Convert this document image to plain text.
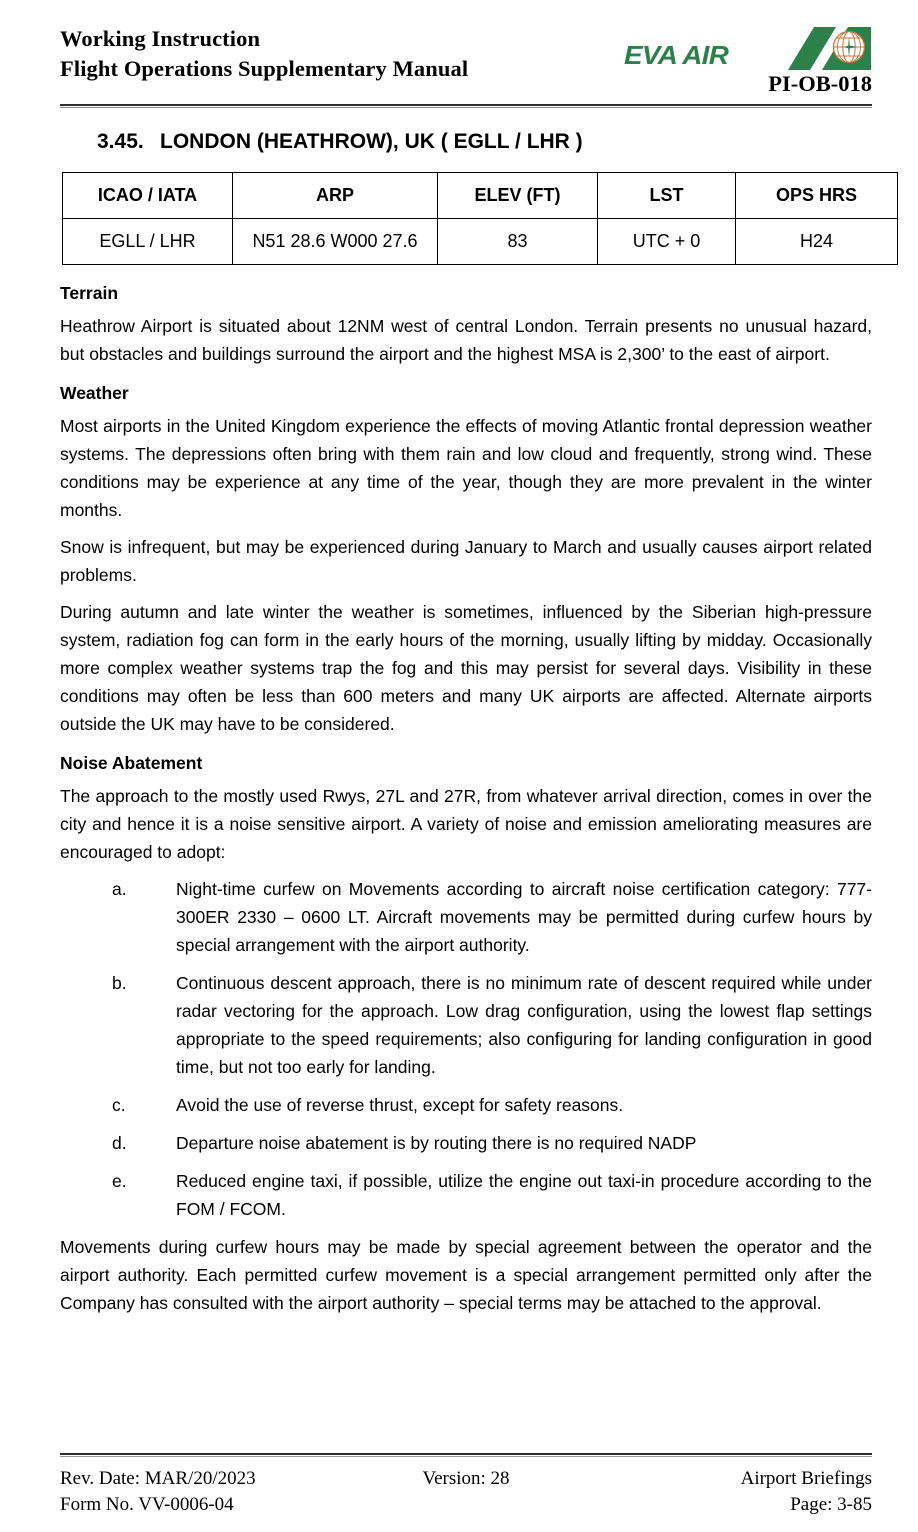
Working Instruction
Flight Operations Supplementary Manual	EVA AIR
PI-OB-018
3.45. LONDON (HEATHROW), UK ( EGLL / LHR )
ICAO / IATA	ARP	ELEV (FT)	LST	OPS HRS
EGLL / LHR	N51 28.6 W000 27.6	83	UTC + 0	H24
Terrain

Heathrow Airport is situated about 12NM west of central London. Terrain presents no unusual hazard, but obstacles and buildings surround the airport and the highest MSA is 2,300’ to the east of airport.

Weather

Most airports in the United Kingdom experience the effects of moving Atlantic frontal depression weather systems. The depressions often bring with them rain and low cloud and frequently, strong wind. These conditions may be experience at any time of the year, though they are more prevalent in the winter months.

Snow is infrequent, but may be experienced during January to March and usually causes airport related problems.

During autumn and late winter the weather is sometimes, influenced by the Siberian high-pressure system, radiation fog can form in the early hours of the morning, usually lifting by midday. Occasionally more complex weather systems trap the fog and this may persist for several days. Visibility in these conditions may often be less than 600 meters and many UK airports are affected. Alternate airports outside the UK may have to be considered.

Noise Abatement

The approach to the mostly used Rwys, 27L and 27R, from whatever arrival direction, comes in over the city and hence it is a noise sensitive airport. A variety of noise and emission ameliorating measures are encouraged to adopt:

a.	Night-time curfew on Movements according to aircraft noise certification category: 777-300ER 2330 – 0600 LT. Aircraft movements may be permitted during curfew hours by special arrangement with the airport authority.
b.	Continuous descent approach, there is no minimum rate of descent required while under radar vectoring for the approach. Low drag configuration, using the lowest flap settings appropriate to the speed requirements; also configuring for landing configuration in good time, but not too early for landing.
c.	Avoid the use of reverse thrust, except for safety reasons.
d.	Departure noise abatement is by routing there is no required NADP
e.	Reduced engine taxi, if possible, utilize the engine out taxi-in procedure according to the FOM / FCOM.

Movements during curfew hours may be made by special agreement between the operator and the airport authority. Each permitted curfew movement is a special arrangement permitted only after the Company has consulted with the airport authority – special terms may be attached to the approval.

Rev. Date: MAR/20/2023	Version: 28	Airport Briefings
Form No. VV-0006-04	Page: 3-85
